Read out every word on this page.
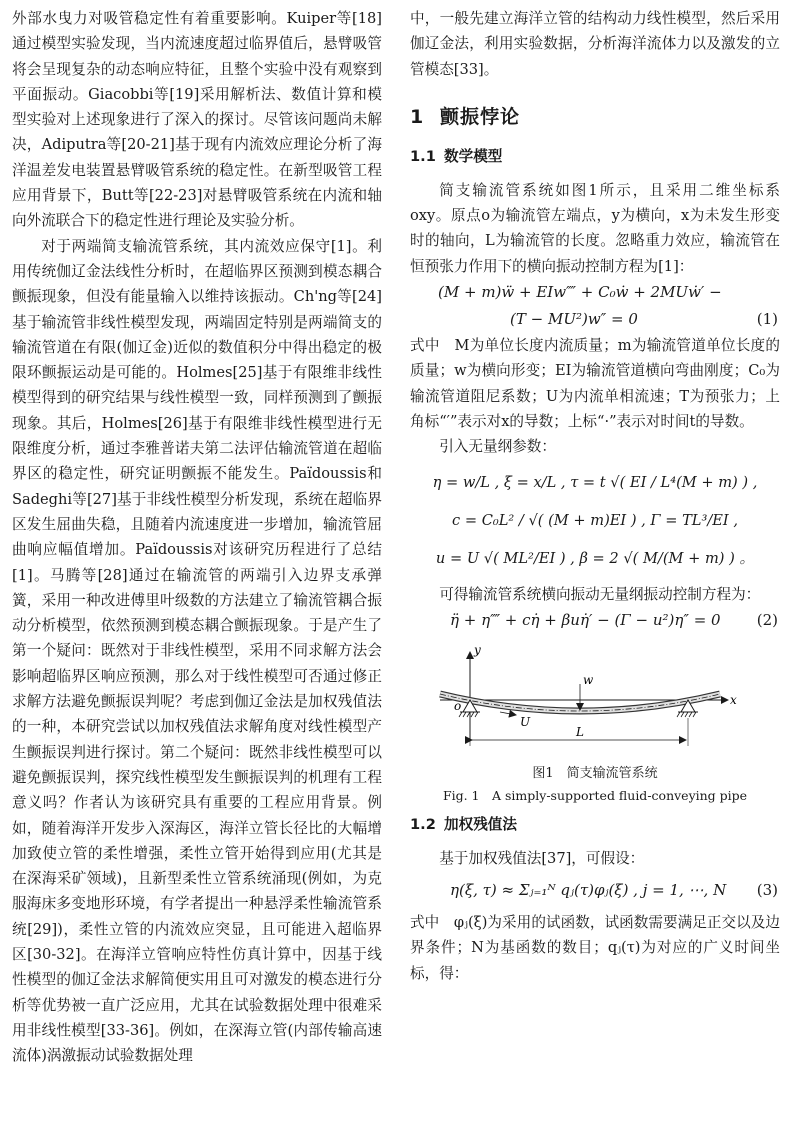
外部水曳力对吸管稳定性有着重要影响。Kuiper等[18]通过模型实验发现，当内流速度超过临界值后，悬臂吸管将会呈现复杂的动态响应特征，且整个实验中没有观察到平面振动。Giacobbi等[19]采用解析法、数值计算和模型实验对上述现象进行了深入的探讨。尽管该问题尚未解决，Adiputra等[20-21]基于现有内流效应理论分析了海洋温差发电装置悬臂吸管系统的稳定性。在新型吸管工程应用背景下，Butt等[22-23]对悬臂吸管系统在内流和轴向外流联合下的稳定性进行理论及实验分析。

对于两端简支输流管系统，其内流效应保守[1]。利用传统伽辽金法线性分析时，在超临界区预测到模态耦合颤振现象，但没有能量输入以维持该振动。Ch'ng等[24]基于输流管非线性模型发现，两端固定特别是两端简支的输流管道在有限(伽辽金)近似的数值积分中得出稳定的极限环颤振运动是可能的。Holmes[25]基于有限维非线性模型得到的研究结果与线性模型一致，同样预测到了颤振现象。其后，Holmes[26]基于有限维非线性模型进行无限维度分析，通过李雅普诺夫第二法评估输流管道在超临界区的稳定性，研究证明颤振不能发生。Païdoussis和Sadeghi等[27]基于非线性模型分析发现，系统在超临界区发生屈曲失稳，且随着内流速度进一步增加，输流管屈曲响应幅值增加。Païdoussis对该研究历程进行了总结[1]。马腾等[28]通过在输流管的两端引入边界支承弹簧，采用一种改进傅里叶级数的方法建立了输流管耦合振动分析模型，依然预测到模态耦合颤振现象。于是产生了第一个疑问：既然对于非线性模型，采用不同求解方法会影响超临界区响应预测，那么对于线性模型可否通过修正求解方法避免颤振误判呢？考虑到伽辽金法是加权残值法的一种，本研究尝试以加权残值法求解角度对线性模型产生颤振误判进行探讨。第二个疑问：既然非线性模型可以避免颤振误判，探究线性模型发生颤振误判的机理有工程意义吗？作者认为该研究具有重要的工程应用背景。例如，随着海洋开发步入深海区，海洋立管长径比的大幅增加致使立管的柔性增强，柔性立管开始得到应用(尤其是在深海采矿领域)，且新型柔性立管系统涌现(例如，为克服海床多变地形环境，有学者提出一种悬浮柔性输流管系统[29])，柔性立管的内流效应突显，且可能进入超临界区[30-32]。在海洋立管响应特性仿真计算中，因基于线性模型的伽辽金法求解简便实用且可对激发的模态进行分析等优势被一直广泛应用，尤其在试验数据处理中很难采用非线性模型[33-36]。例如，在深海立管(内部传输高速流体)涡激振动试验数据处理

中，一般先建立海洋立管的结构动力线性模型，然后采用伽辽金法，利用实验数据，分析海洋流体力以及激发的立管模态[33]。

1 颤振悖论
1.1 数学模型

简支输流管系统如图1所示，且采用二维坐标系oxy。原点o为输流管左端点，y为横向，x为未发生形变时的轴向，L为输流管的长度。忽略重力效应，输流管在恒预张力作用下的横向振动控制方程为[1]：

(M + m)ẅ + EIw⁗ + C₀ẇ + 2MUẇ′ −
(T − MU²)w″ = 0	(1)

式中　M为单位长度内流质量；m为输流管道单位长度的质量；w为横向形变；EI为输流管道横向弯曲刚度；C₀为输流管道阻尼系数；U为内流单相流速；T为预张力；上角标“′”表示对x的导数；上标“·”表示对时间t的导数。

引入无量纲参数：

η = w/L , ξ = x/L , τ = t √( EI / L⁴(M + m) ) ,
c = C₀L² / √( (M + m)EI ) , Γ = TL³/EI ,
u = U √( ML²/EI ) , β = 2 √( M/(M + m) ) 。

可得输流管系统横向振动无量纲振动控制方程为：

η̈ + η⁗ + cη̇ + βuη̇′ − (Γ − u²)η″ = 0 (2)
y
x
o
w
U
L

图1　简支输流管系统

Fig. 1　A simply-supported fluid-conveying pipe

1.2 加权残值法

基于加权残值法[37]，可假设：

η(ξ, τ) ≈ Σⱼ₌₁ᴺ qⱼ(τ)φⱼ(ξ) , j = 1, ⋯, N (3)

式中　φⱼ(ξ)为采用的试函数，试函数需要满足正交以及边界条件；N为基函数的数目；qⱼ(τ)为对应的广义时间坐标，得：
